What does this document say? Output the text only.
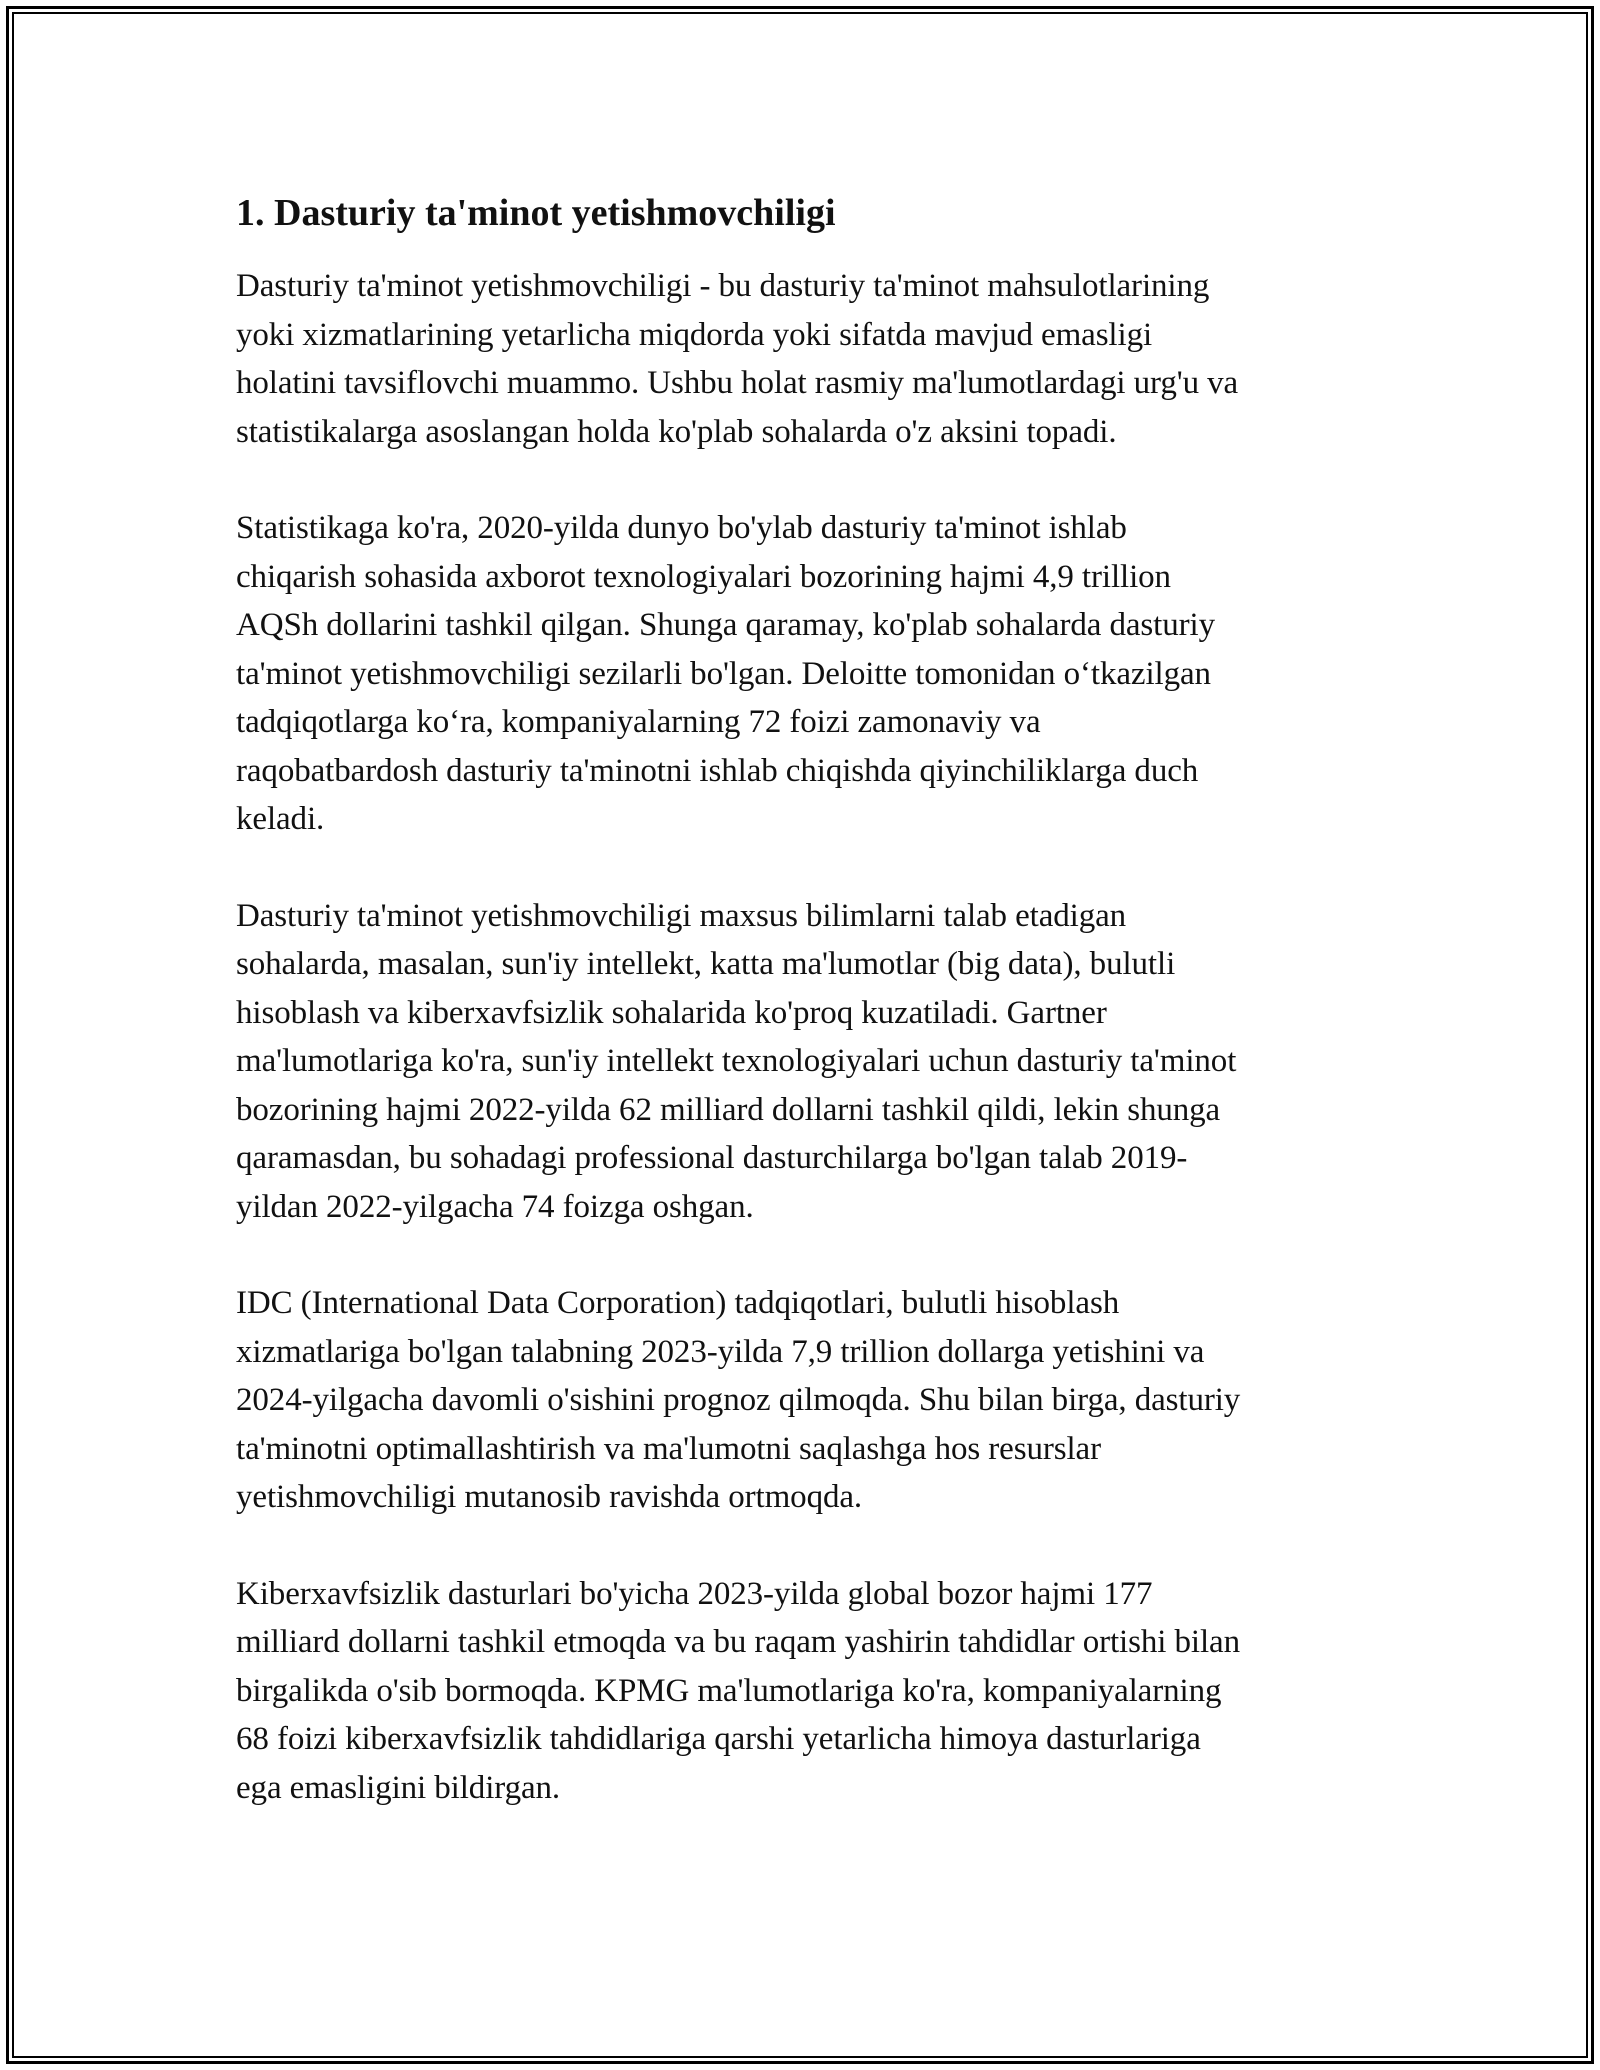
1. Dasturiy ta'minot yetishmovchiligi

Dasturiy ta'minot yetishmovchiligi - bu dasturiy ta'minot mahsulotlarining
yoki xizmatlarining yetarlicha miqdorda yoki sifatda mavjud emasligi
holatini tavsiflovchi muammo. Ushbu holat rasmiy ma'lumotlardagi urg'u va
statistikalarga asoslangan holda ko'plab sohalarda o'z aksini topadi.

Statistikaga ko'ra, 2020-yilda dunyo bo'ylab dasturiy ta'minot ishlab
chiqarish sohasida axborot texnologiyalari bozorining hajmi 4,9 trillion
AQSh dollarini tashkil qilgan. Shunga qaramay, ko'plab sohalarda dasturiy
ta'minot yetishmovchiligi sezilarli bo'lgan. Deloitte tomonidan o‘tkazilgan
tadqiqotlarga ko‘ra, kompaniyalarning 72 foizi zamonaviy va
raqobatbardosh dasturiy ta'minotni ishlab chiqishda qiyinchiliklarga duch
keladi.

Dasturiy ta'minot yetishmovchiligi maxsus bilimlarni talab etadigan
sohalarda, masalan, sun'iy intellekt, katta ma'lumotlar (big data), bulutli
hisoblash va kiberxavfsizlik sohalarida ko'proq kuzatiladi. Gartner
ma'lumotlariga ko'ra, sun'iy intellekt texnologiyalari uchun dasturiy ta'minot
bozorining hajmi 2022-yilda 62 milliard dollarni tashkil qildi, lekin shunga
qaramasdan, bu sohadagi professional dasturchilarga bo'lgan talab 2019-
yildan 2022-yilgacha 74 foizga oshgan.

IDC (International Data Corporation) tadqiqotlari, bulutli hisoblash
xizmatlariga bo'lgan talabning 2023-yilda 7,9 trillion dollarga yetishini va
2024-yilgacha davomli o'sishini prognoz qilmoqda. Shu bilan birga, dasturiy
ta'minotni optimallashtirish va ma'lumotni saqlashga hos resurslar
yetishmovchiligi mutanosib ravishda ortmoqda.

Kiberxavfsizlik dasturlari bo'yicha 2023-yilda global bozor hajmi 177
milliard dollarni tashkil etmoqda va bu raqam yashirin tahdidlar ortishi bilan
birgalikda o'sib bormoqda. KPMG ma'lumotlariga ko'ra, kompaniyalarning
68 foizi kiberxavfsizlik tahdidlariga qarshi yetarlicha himoya dasturlariga
ega emasligini bildirgan.
